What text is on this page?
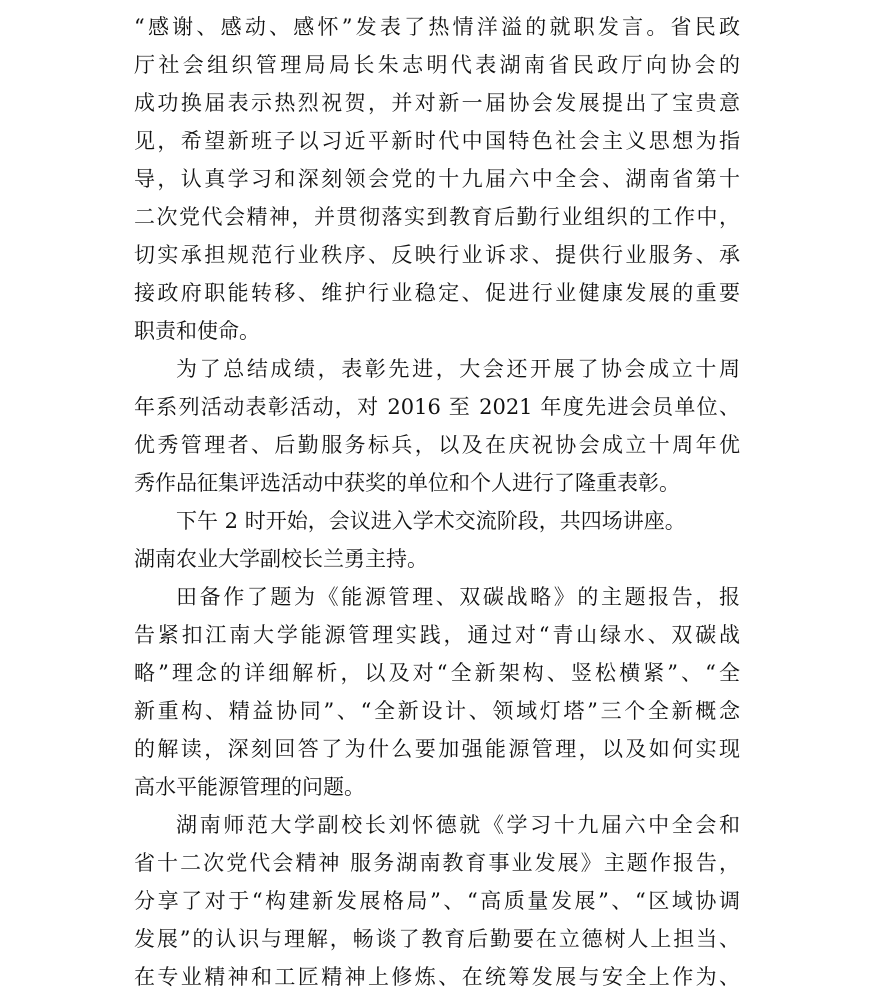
“感谢、感动、感怀”发表了热情洋溢的就职发言。省民政
厅社会组织管理局局长朱志明代表湖南省民政厅向协会的
成功换届表示热烈祝贺，并对新一届协会发展提出了宝贵意
见，希望新班子以习近平新时代中国特色社会主义思想为指
导，认真学习和深刻领会党的十九届六中全会、湖南省第十
二次党代会精神，并贯彻落实到教育后勤行业组织的工作中，
切实承担规范行业秩序、反映行业诉求、提供行业服务、承
接政府职能转移、维护行业稳定、促进行业健康发展的重要
职责和使命。
为了总结成绩，表彰先进，大会还开展了协会成立十周
年系列活动表彰活动，对 2016 至 2021 年度先进会员单位、
优秀管理者、后勤服务标兵，以及在庆祝协会成立十周年优
秀作品征集评选活动中获奖的单位和个人进行了隆重表彰。
下午 2 时开始，会议进入学术交流阶段，共四场讲座。
湖南农业大学副校长兰勇主持。
田备作了题为《能源管理、双碳战略》的主题报告，报
告紧扣江南大学能源管理实践，通过对“青山绿水、双碳战
略”理念的详细解析，以及对“全新架构、竖松横紧”、“全
新重构、精益协同”、“全新设计、领域灯塔”三个全新概念
的解读，深刻回答了为什么要加强能源管理，以及如何实现
高水平能源管理的问题。
湖南师范大学副校长刘怀德就《学习十九届六中全会和
省十二次党代会精神 服务湖南教育事业发展》主题作报告，
分享了对于“构建新发展格局”、“高质量发展”、“区域协调
发展”的认识与理解，畅谈了教育后勤要在立德树人上担当、
在专业精神和工匠精神上修炼、在统筹发展与安全上作为、
